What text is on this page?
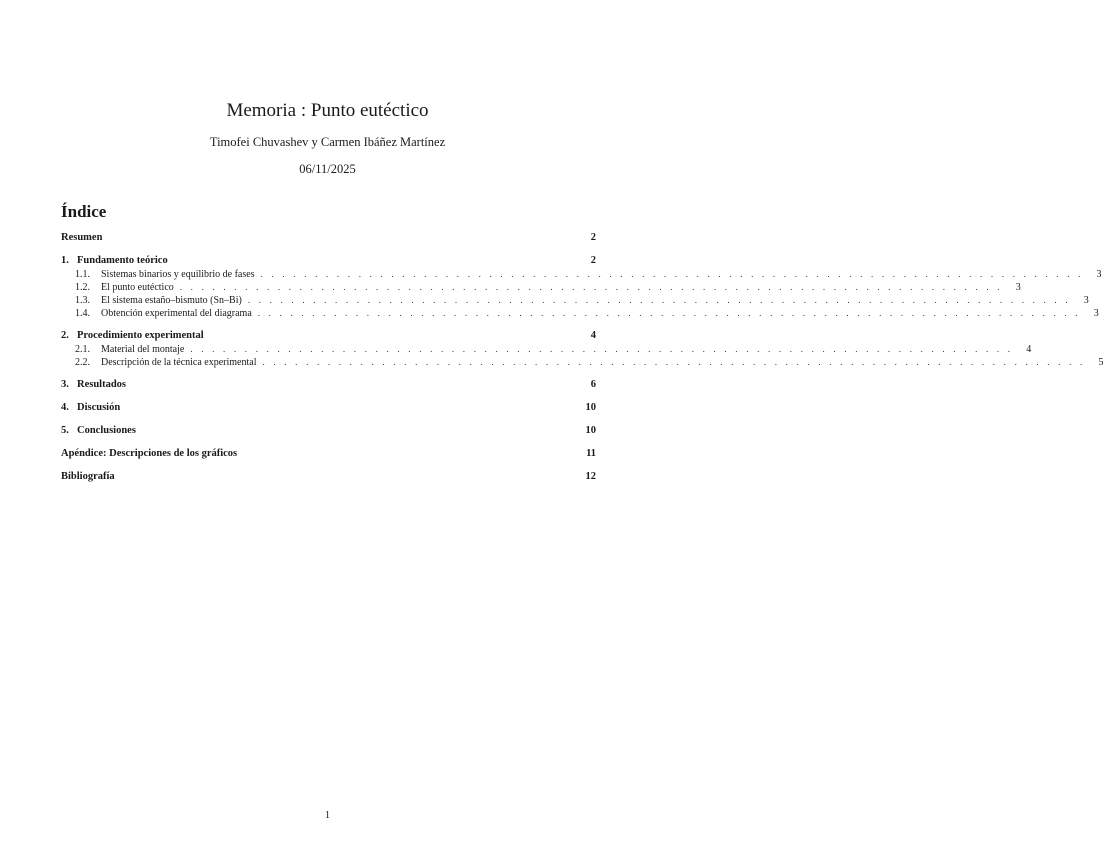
Memoria : Punto eutéctico
Timofei Chuvashev y Carmen Ibáñez Martínez
06/11/2025
Índice
Resumen	2
1. Fundamento teórico	2
1.1.	Sistemas binarios y equilibrio de fases . . . . . . . . . . . . . . . . . . . . . . . . . . . . . . . . . . . . . . . . . . . . . . . . . . . . . . . . . . . . . . . . . . . . . . . . . . . .	3
1.2.	El punto eutéctico . . . . . . . . . . . . . . . . . . . . . . . . . . . . . . . . . . . . . . . . . . . . . . . . . . . . . . . . . . . . . . . . . . . . . . . . . . . .	3
1.3.	El sistema estaño–bismuto (Sn–Bi) . . . . . . . . . . . . . . . . . . . . . . . . . . . . . . . . . . . . . . . . . . . . . . . . . . . . . . . . . . . . . . . . . . . . . . . . . . . .	3
1.4.	Obtención experimental del diagrama . . . . . . . . . . . . . . . . . . . . . . . . . . . . . . . . . . . . . . . . . . . . . . . . . . . . . . . . . . . . . . . . . . . . . . . . . . . .	3
2. Procedimiento experimental	4
2.1.	Material del montaje . . . . . . . . . . . . . . . . . . . . . . . . . . . . . . . . . . . . . . . . . . . . . . . . . . . . . . . . . . . . . . . . . . . . . . . . . . . .	4
2.2.	Descripción de la técnica experimental . . . . . . . . . . . . . . . . . . . . . . . . . . . . . . . . . . . . . . . . . . . . . . . . . . . . . . . . . . . . . . . . . . . . . . . . . . . .	5
3. Resultados	6
4. Discusión	10
5. Conclusiones	10
Apéndice: Descripciones de los gráficos	11
Bibliografía	12
1
